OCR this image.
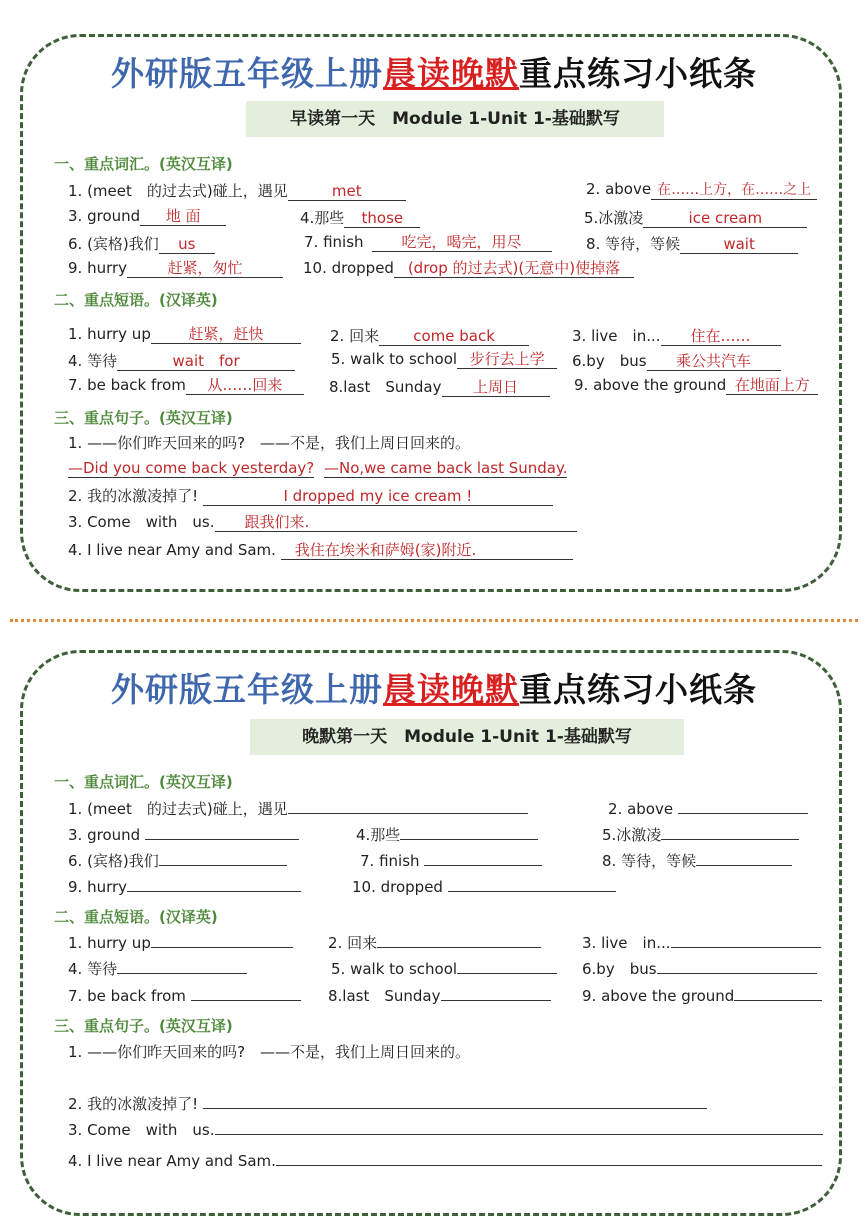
外研版五年级上册晨读晚默重点练习小纸条
早读第一天　Module 1-Unit 1-基础默写
一、重点词汇。(英汉互译)
1. (meet　的过去式)碰上，遇见	met	2. above 在……上方，在……之上
3. ground 地 面	4.那些 those	5.冰激凌	ice cream
6. (宾格)我们 us	7. finish	吃完，喝完，用尽	8. 等待，等候	wait
9. hurry	赶紧，匆忙	10. dropped (drop 的过去式)(无意中)使掉落
二、重点短语。(汉译英)
1. hurry up 赶紧，赶快	2. 回来 come back	3. live　in... 住在……
4. 等待	wait　for	5. walk to school 步行去上学	6.by　bus 乘公共汽车
7. be back from 从……回来	8.last　Sunday 上周日	9. above the ground 在地面上方
三、重点句子。(英汉互译)
1. ——你们昨天回来的吗?　——不是，我们上周日回来的。
—Did you come back yesterday? —No,we came back last Sunday.
2. 我的冰激凌掉了!	I dropped my ice cream !
3. Come　with　us. 跟我们来.
4. I live near Amy and Sam. 我住在埃米和萨姆(家)附近.
外研版五年级上册晨读晚默重点练习小纸条
晚默第一天　Module 1-Unit 1-基础默写
一、重点词汇。(英汉互译)
1. (meet　的过去式)碰上，遇见	2. above
3. ground	4.那些	5.冰激凌
6. (宾格)我们	7. finish	8. 等待，等候
9. hurry	10. dropped
二、重点短语。(汉译英)
1. hurry up	2. 回来	3. live　in...
4. 等待	5. walk to school	6.by　bus
7. be back from	8.last　Sunday	9. above the ground
三、重点句子。(英汉互译)
1. ——你们昨天回来的吗?　——不是，我们上周日回来的。
2. 我的冰激凌掉了!
3. Come　with　us.
4. I live near Amy and Sam.
